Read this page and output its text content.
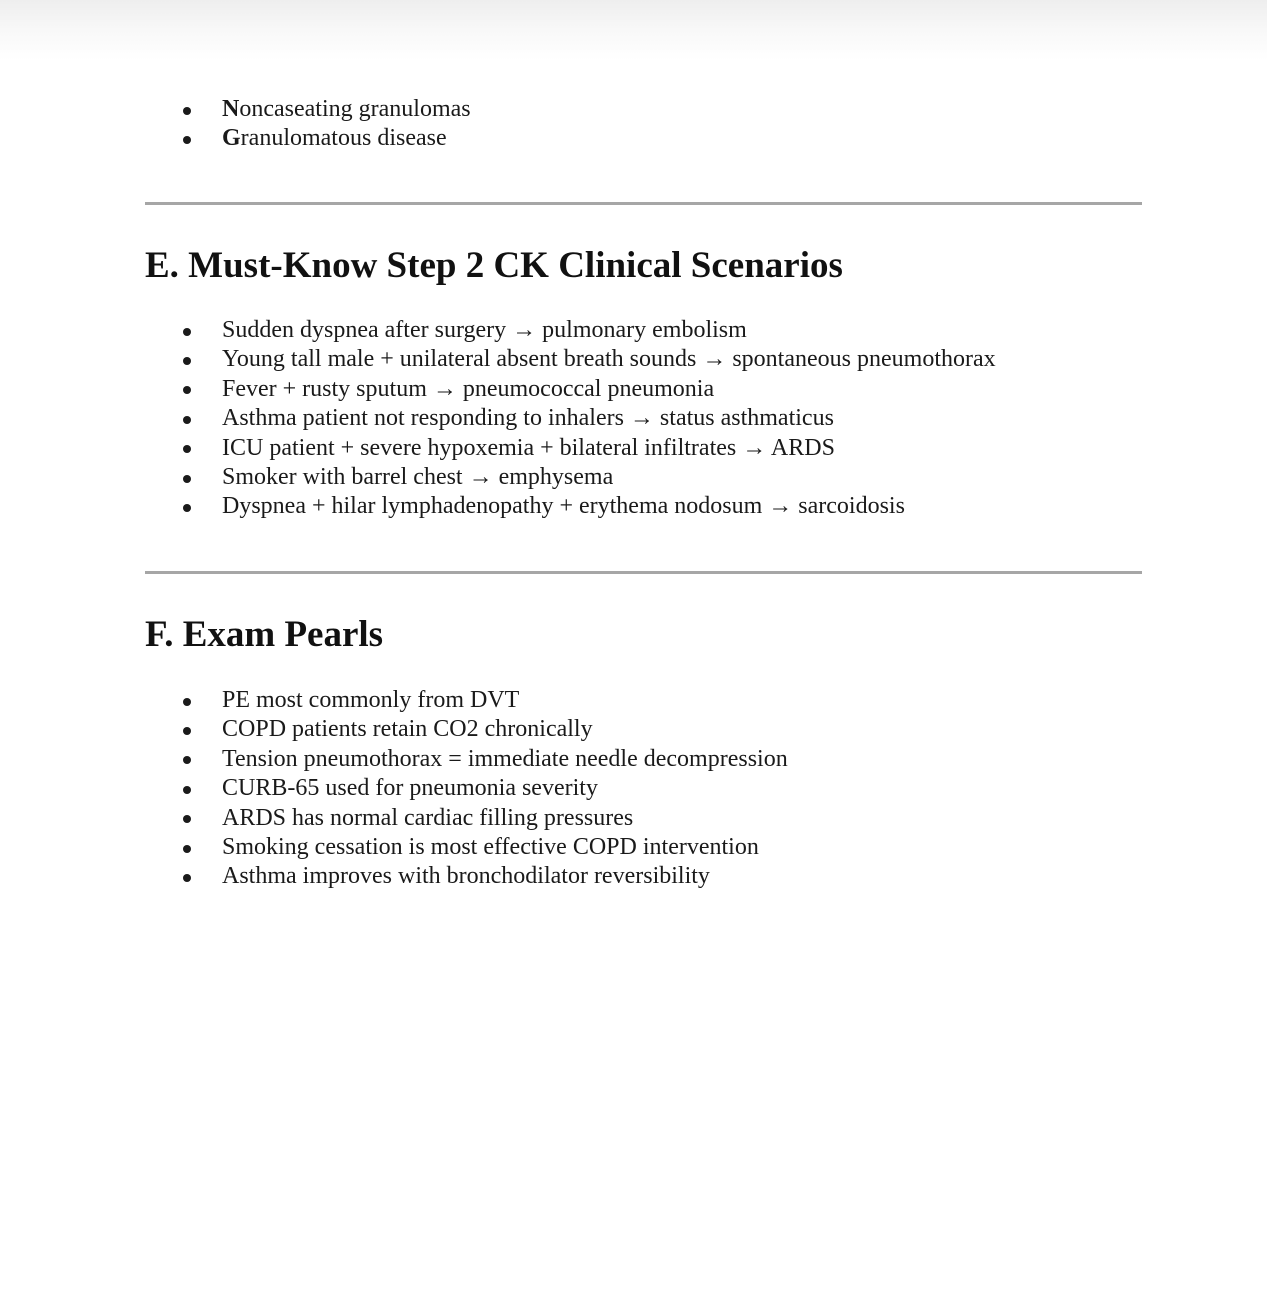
Noncaseating granulomas
Granulomatous disease
E. Must-Know Step 2 CK Clinical Scenarios
Sudden dyspnea after surgery → pulmonary embolism
Young tall male + unilateral absent breath sounds → spontaneous pneumothorax
Fever + rusty sputum → pneumococcal pneumonia
Asthma patient not responding to inhalers → status asthmaticus
ICU patient + severe hypoxemia + bilateral infiltrates → ARDS
Smoker with barrel chest → emphysema
Dyspnea + hilar lymphadenopathy + erythema nodosum → sarcoidosis
F. Exam Pearls
PE most commonly from DVT
COPD patients retain CO2 chronically
Tension pneumothorax = immediate needle decompression
CURB-65 used for pneumonia severity
ARDS has normal cardiac filling pressures
Smoking cessation is most effective COPD intervention
Asthma improves with bronchodilator reversibility
